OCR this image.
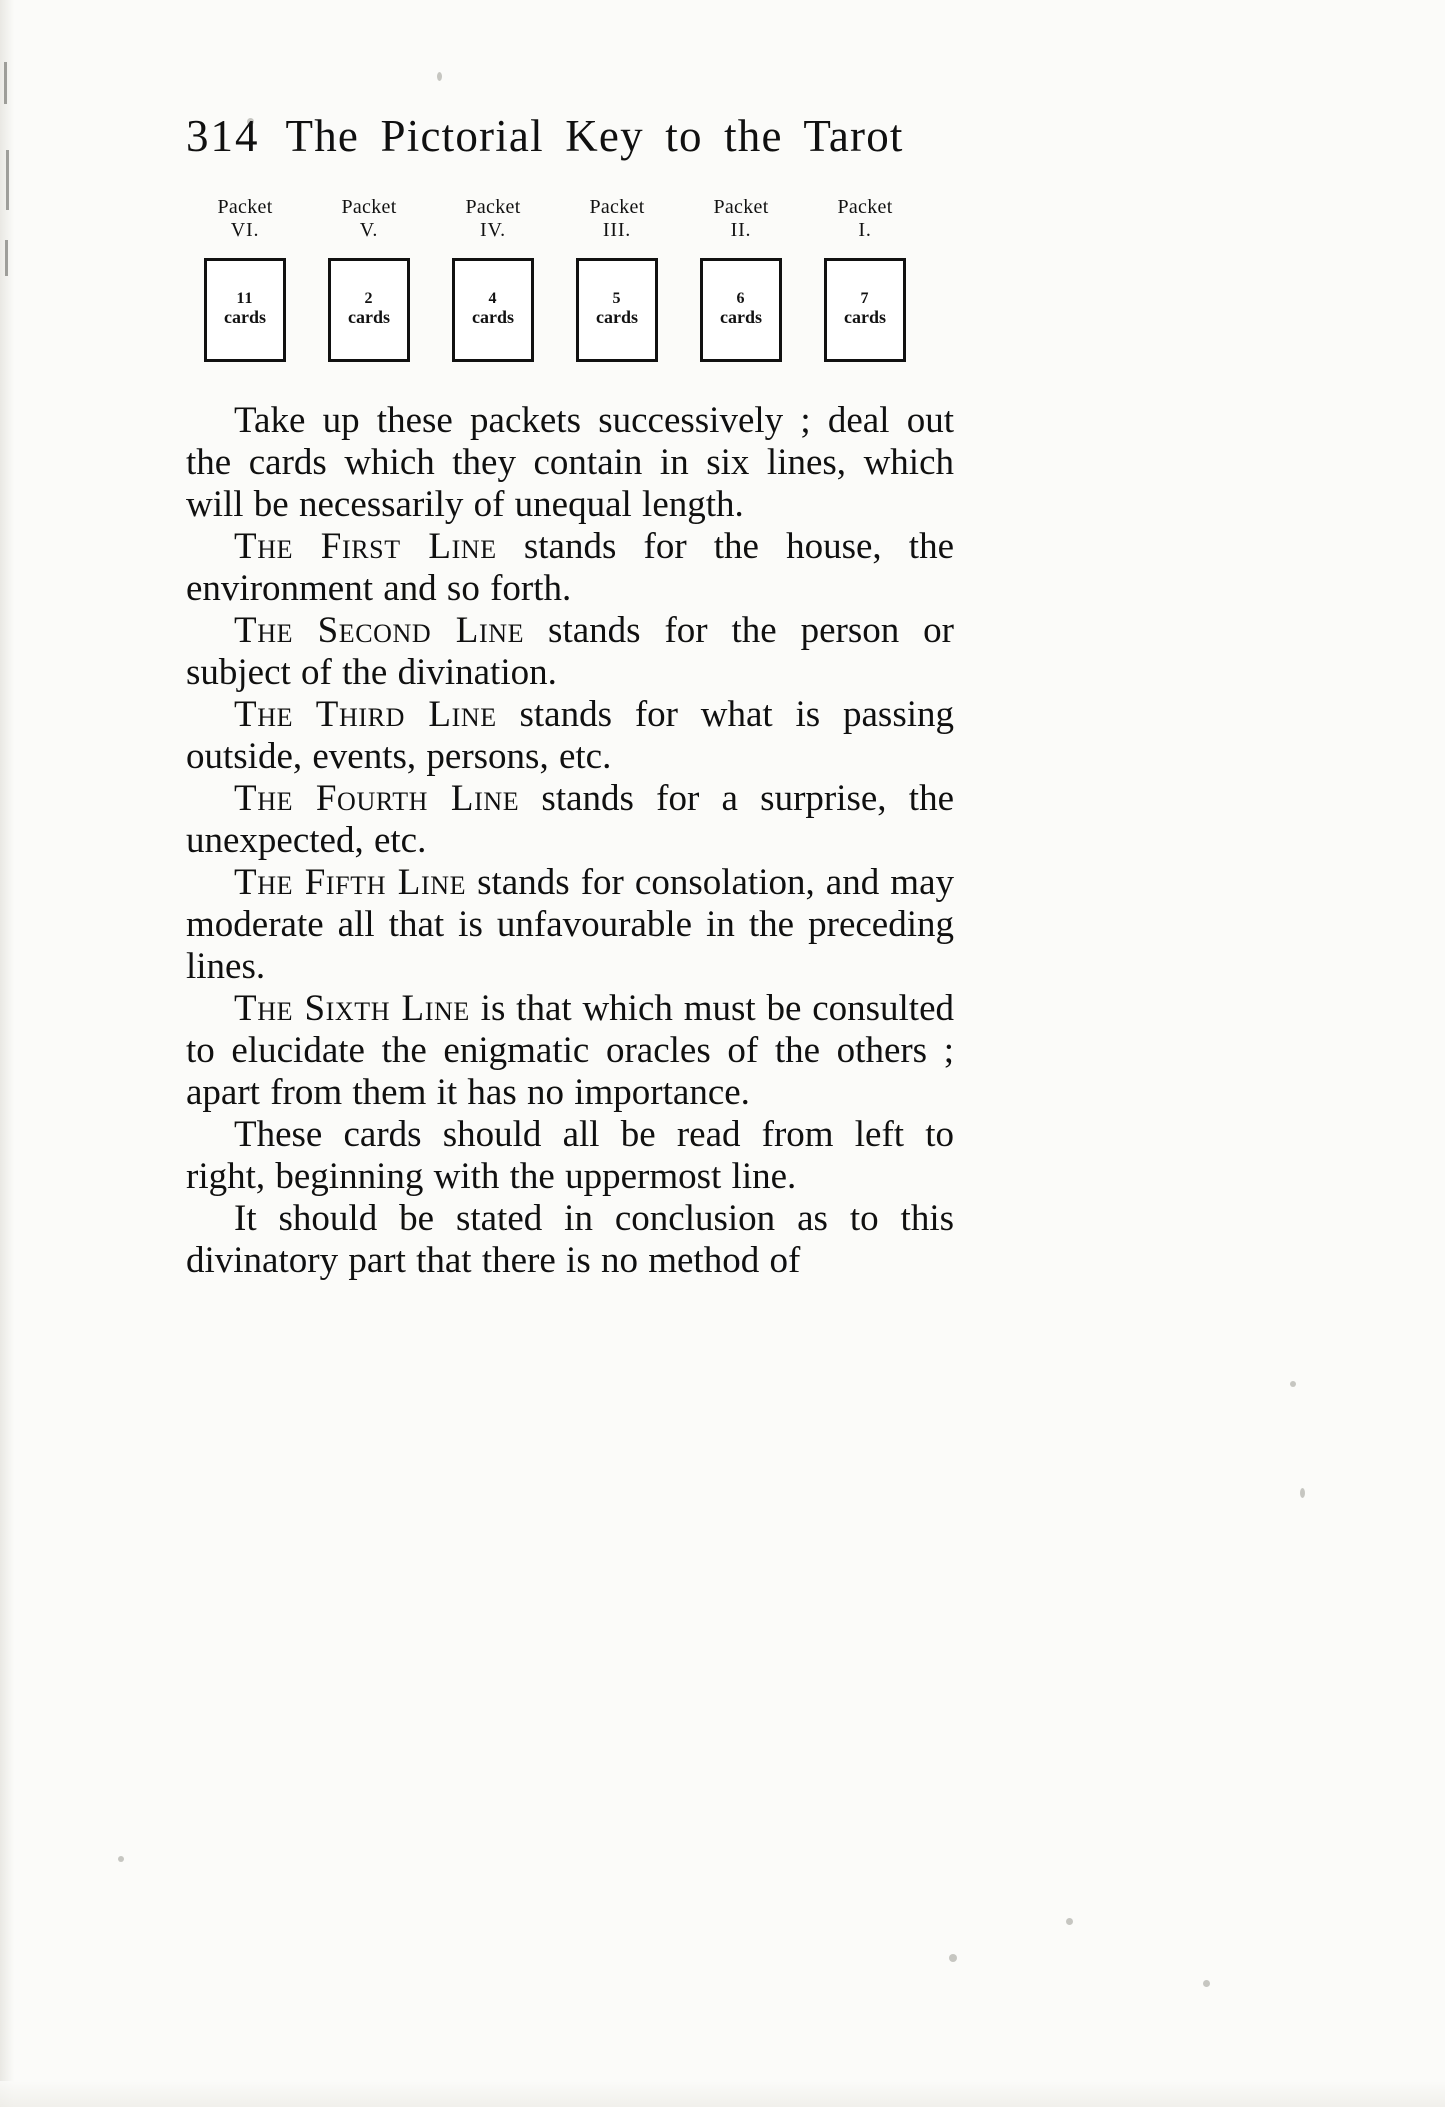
314 The Pictorial Key to the Tarot
Packet
VI.
11
cards
Packet
V.
2
cards
Packet
IV.
4
cards
Packet
III.
5
cards
Packet
II.
6
cards
Packet
I.
7
cards

Take up these packets successively ; deal out the cards which they contain in six lines, which will be necessarily of unequal length.

The First Line stands for the house, the environment and so forth.

The Second Line stands for the person or subject of the divination.

The Third Line stands for what is passing outside, events, persons, etc.

The Fourth Line stands for a surprise, the unexpected, etc.

The Fifth Line stands for consolation, and may moderate all that is unfavourable in the preceding lines.

The Sixth Line is that which must be consulted to elucidate the enigmatic oracles of the others ; apart from them it has no importance.

These cards should all be read from left to right, beginning with the uppermost line.

It should be stated in conclusion as to this divinatory part that there is no method of
